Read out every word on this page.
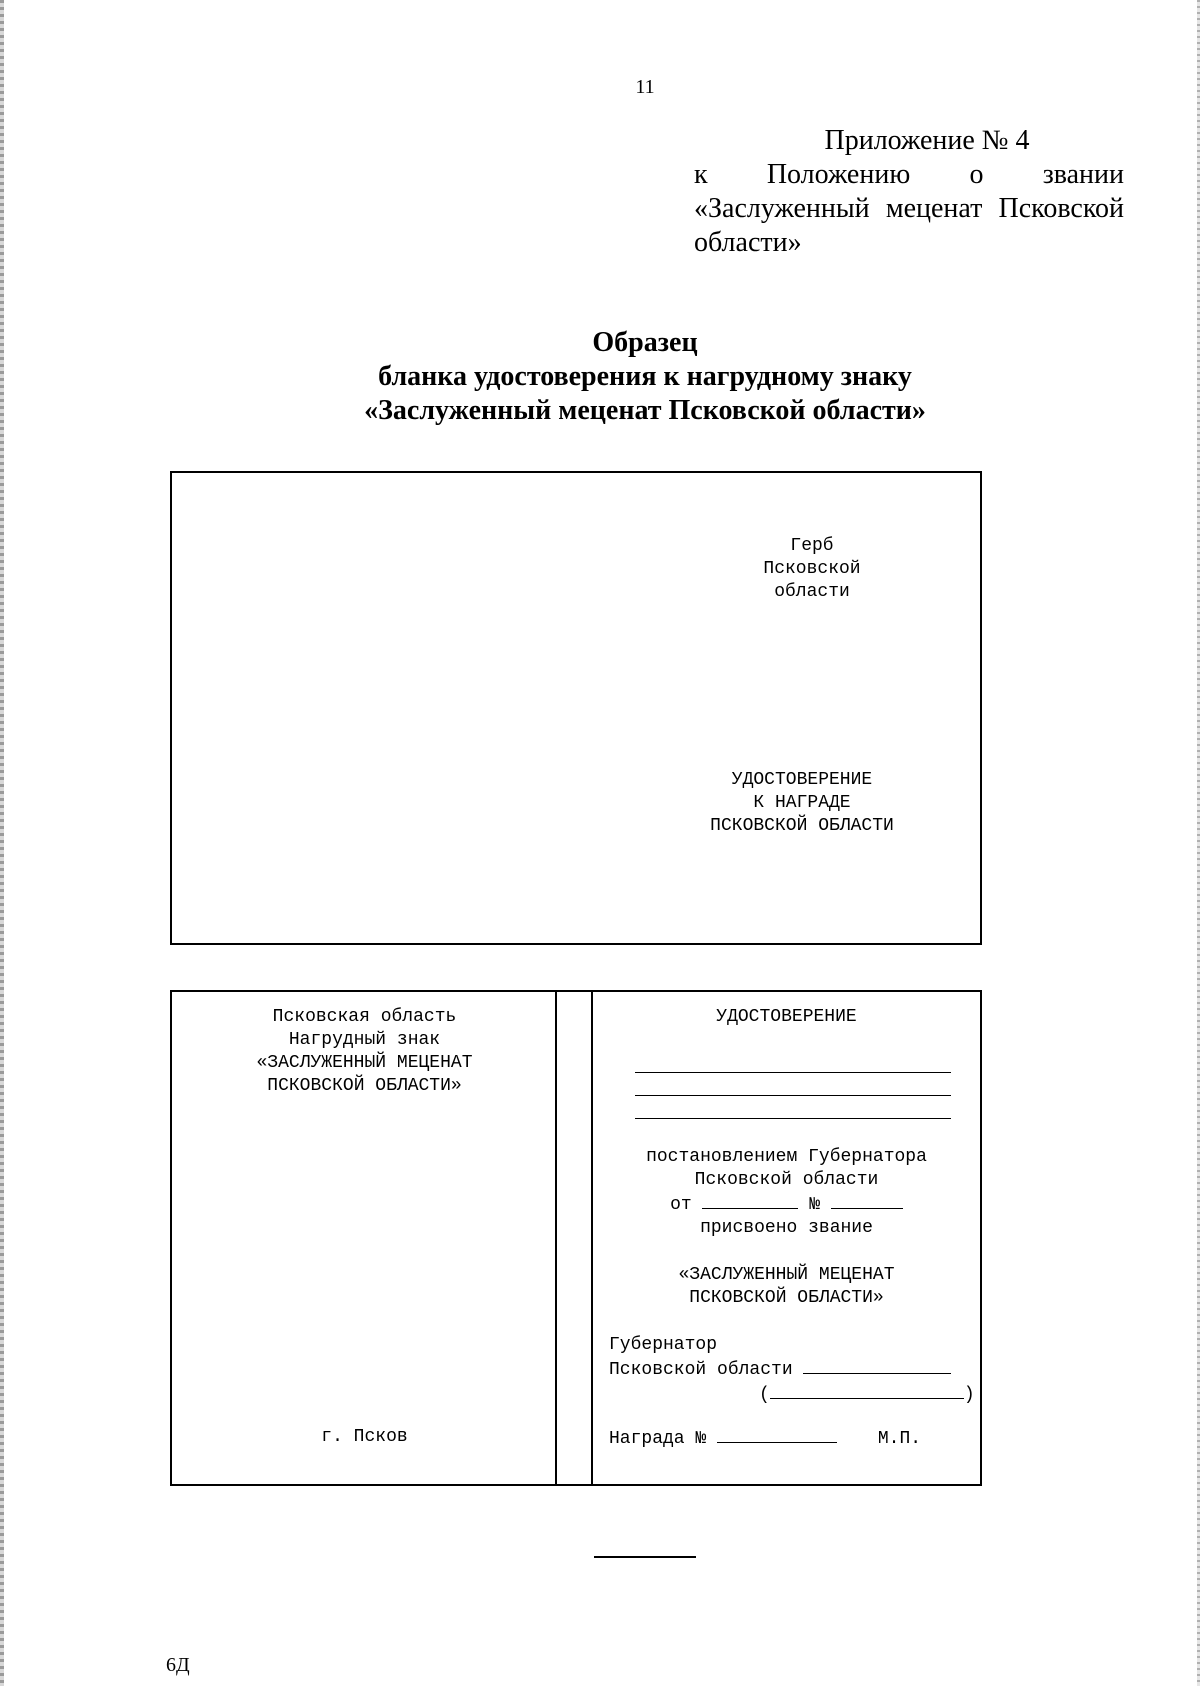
11
Приложение № 4
к Положению о звании
«Заслуженный меценат Псковской
области»
Образец
бланка удостоверения к нагрудному знаку
«Заслуженный меценат Псковской области»
Герб
Псковской
области
УДОСТОВЕРЕНИЕ
К НАГРАДЕ
ПСКОВСКОЙ ОБЛАСТИ
Псковская область
Нагрудный знак
«ЗАСЛУЖЕННЫЙ МЕЦЕНАТ
ПСКОВСКОЙ ОБЛАСТИ»
г. Псков
УДОСТОВЕРЕНИЕ
постановлением Губернатора
Псковской области
от	№
присвоено звание
«ЗАСЛУЖЕННЫЙ МЕЦЕНАТ
ПСКОВСКОЙ ОБЛАСТИ»
Губернатор
Псковской области
(	)
Награда №	М.П.
6Д
